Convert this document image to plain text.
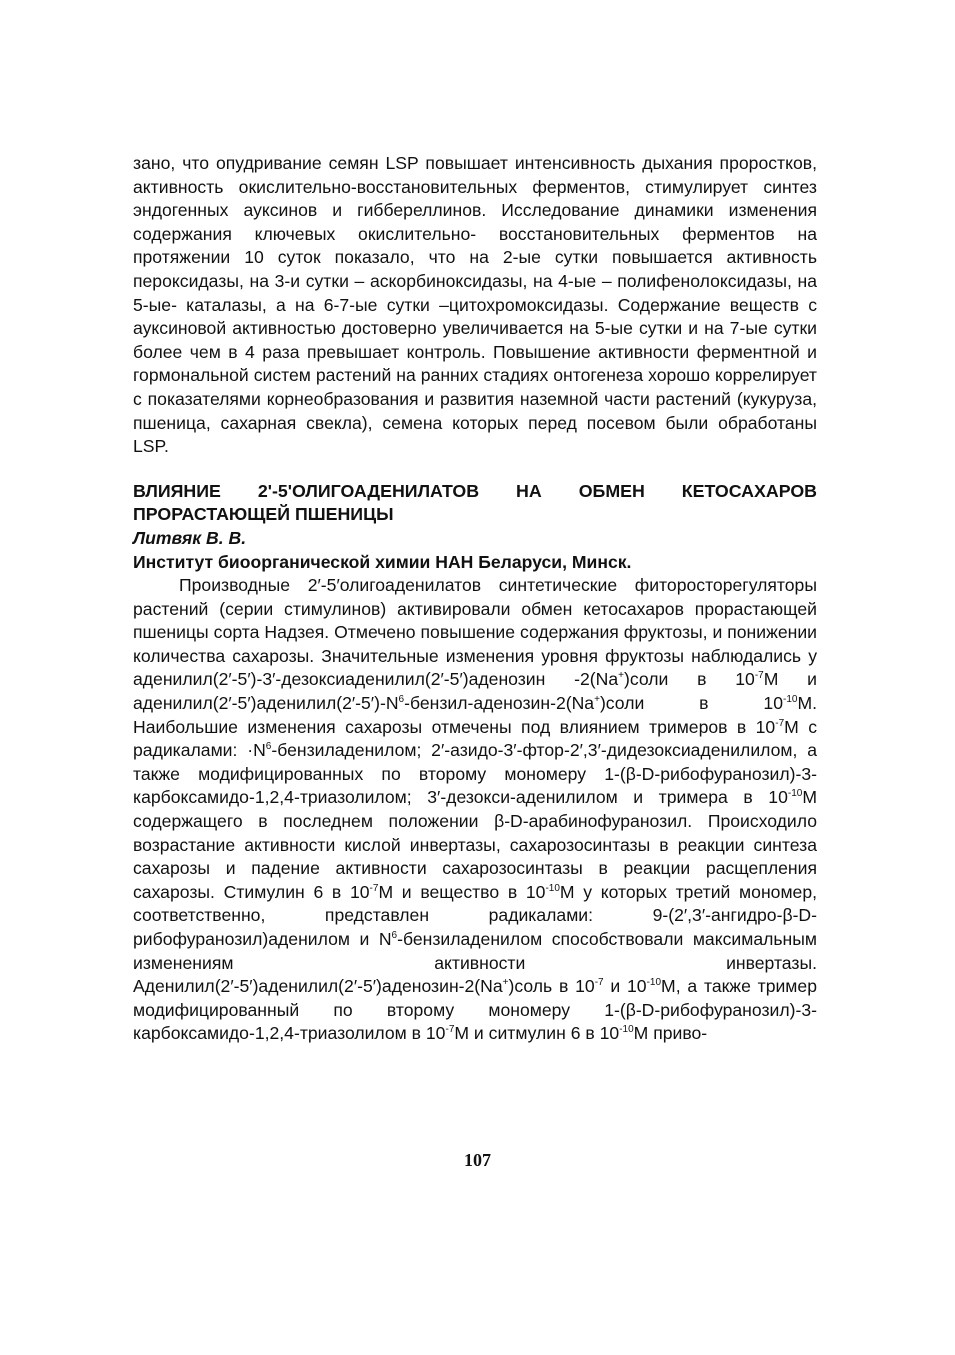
зано, что опудривание семян LSP повышает интенсивность дыхания проростков, активность окислительно-восстановительных ферментов, стимулирует синтез эндогенных ауксинов и гиббереллинов. Исследование динамики изменения содержания ключевых окислительно- восстановительных ферментов на протяжении 10 суток показало, что на 2-ые сутки повышается активность пероксидазы, на 3-и сутки – аскорбиноксидазы, на 4-ые – полифенолоксидазы, на 5-ые- каталазы, а на 6-7-ые сутки –цитохромоксидазы. Содержание веществ с ауксиновой активностью достоверно увеличивается на 5-ые сутки и на 7-ые сутки более чем в 4 раза превышает контроль. Повышение активности ферментной и гормональной систем растений на ранних стадиях онтогенеза хорошо коррелирует с показателями корнеобразования и развития наземной части растений (кукуруза, пшеница, сахарная свекла), семена которых перед посевом были обработаны LSP.

ВЛИЯНИЕ 2'-5'ОЛИГОАДЕНИЛАТОВ НА ОБМЕН КЕТОСАХАРОВ ПРОРАСТАЮЩЕЙ ПШЕНИЦЫ

Литвяк В. В.

Институт биоорганической химии НАН Беларуси, Минск.

Производные 2′-5′олигоаденилатов синтетические фиторосторегуляторы растений (серии стимулинов) активировали обмен кетосахаров прорастающей пшеницы сорта Надзея. Отмечено повышение содержания фруктозы, и понижении количества сахарозы. Значительные изменения уровня фруктозы наблюдались у аденилил(2′-5′)-3′-дезоксиаденилил(2′-5′)аденозин -2(Na+)соли в $10^{-7}M$ и $аденилил(2'-5')аденилил(2'-5')-N^6-бензил-аденозин-2(Na^+)соли$ в $10^{-10}M$. Наибольшие изменения сахарозы отмечены под влиянием тримеров в $10^{-7}M$ с радикалами: $\cdot N^6$-бензиладенилом; 2′-азидо-3′-фтор-2′,3′-дидезоксиаденилилом, а также модифицированных по второму мономеру 1-(β-D-рибофуранозил)-3-карбоксамидо-1,2,4-триазолилом; 3′-дезокси-аденилилом и тримера в $10^{-10}M$ содержащего в последнем положении β-D-арабинофуранозил. Происходило возрастание активности кислой инвертазы, сахарозосинтазы в реакции синтеза сахарозы и падение активности сахарозосинтазы в реакции расщепления сахарозы. Стимулин 6 в $10^{-7}M$ и вещество в $10^{-10}M$ у которых третий мономер, соответственно, представлен радикалами: 9-(2′,3′-ангидро-β-D-рибофуранозил)аденилом и $N^6$-бензиладенилом способствовали максимальным изменениям активности инвертазы. Аденилил(2′-5′)аденилил(2′-5′)аденозин-2(Na+)соль в $10^{-7}$ и $10^{-10}M$, а также тример модифицированный по второму мономеру 1-(β-D-рибофуранозил)-3-карбоксамидо-1,2,4-триазолилом в $10^{-7}M$ и ситмулин 6 в $10^{-10}M$ приво-

107
